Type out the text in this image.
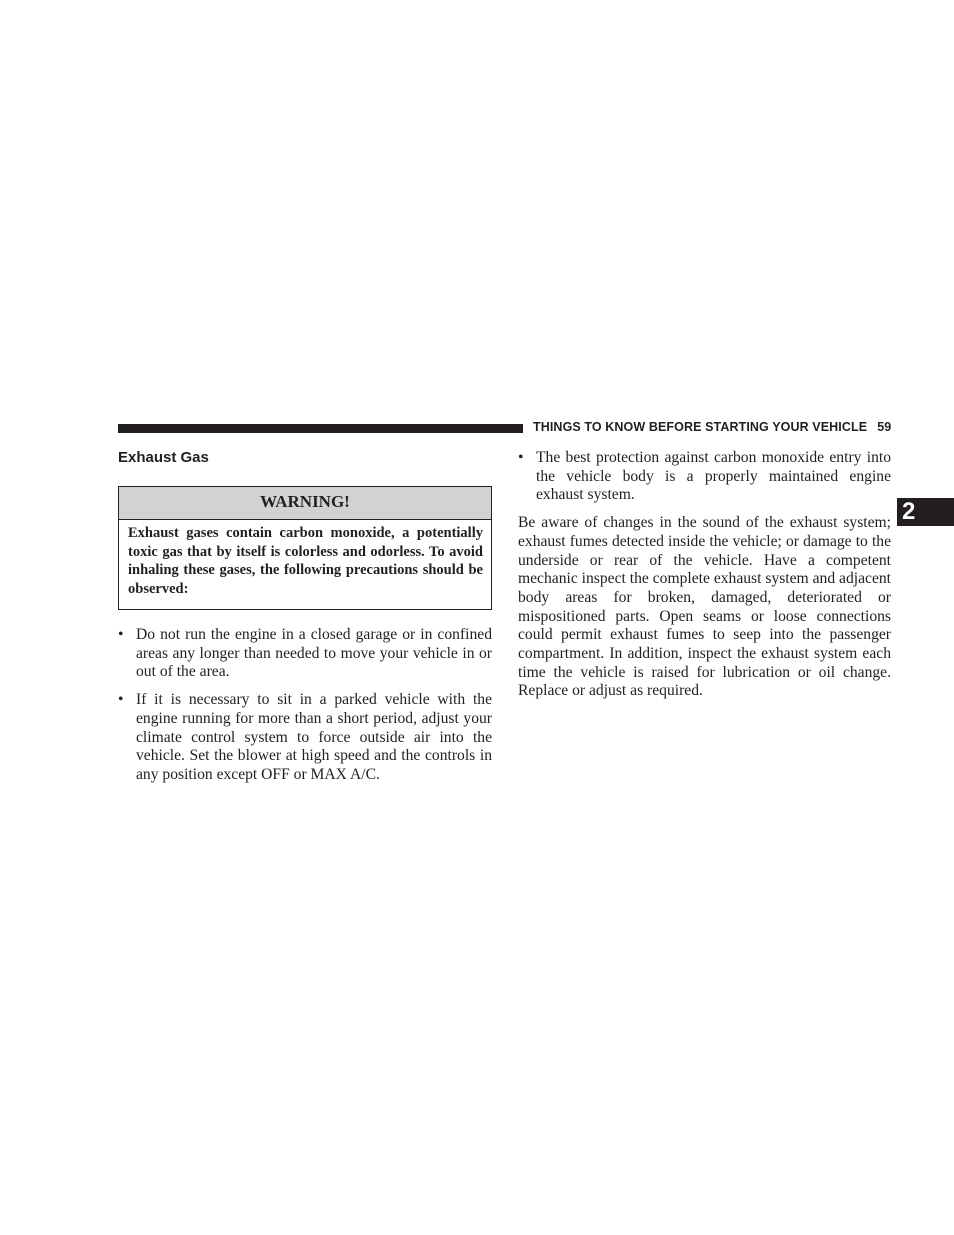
THINGS TO KNOW BEFORE STARTING YOUR VEHICLE 59
2
Exhaust Gas
WARNING!
Exhaust gases contain carbon monoxide, a potentially toxic gas that by itself is colorless and odorless. To avoid inhaling these gases, the following precautions should be observed:
• Do not run the engine in a closed garage or in confined areas any longer than needed to move your vehicle in or out of the area.
• If it is necessary to sit in a parked vehicle with the engine running for more than a short period, adjust your climate control system to force outside air into the vehicle. Set the blower at high speed and the controls in any position except OFF or MAX A/C.
• The best protection against carbon monoxide entry into the vehicle body is a properly maintained engine exhaust system.

Be aware of changes in the sound of the exhaust system; exhaust fumes detected inside the vehicle; or damage to the underside or rear of the vehicle. Have a competent mechanic inspect the complete exhaust system and adjacent body areas for broken, damaged, deteriorated or mispositioned parts. Open seams or loose connections could permit exhaust fumes to seep into the passenger compartment. In addition, inspect the exhaust system each time the vehicle is raised for lubrication or oil change. Replace or adjust as required.
